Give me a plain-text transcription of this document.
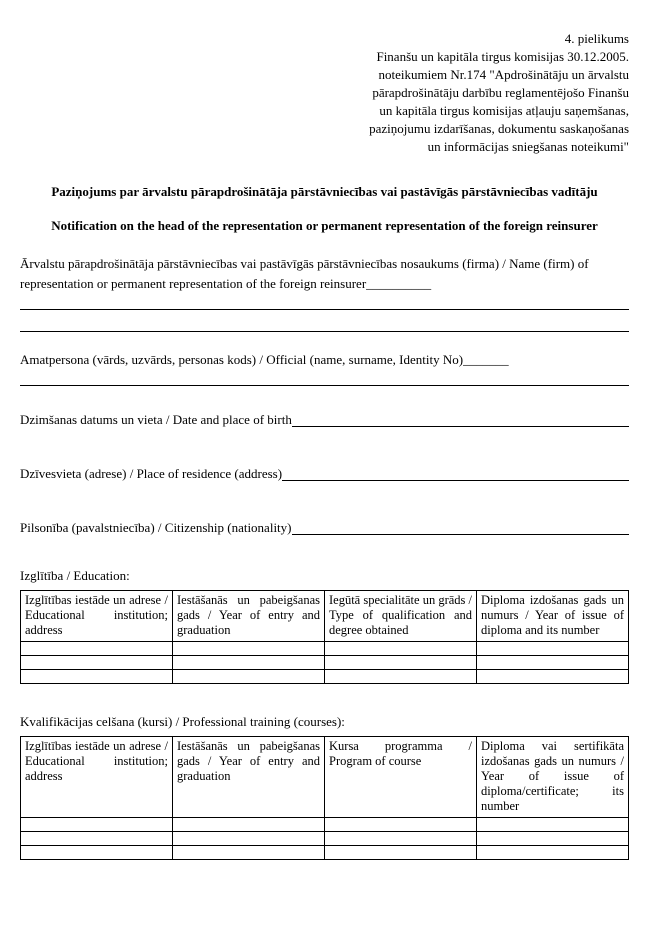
4. pielikums
Finanšu un kapitāla tirgus komisijas 30.12.2005.
noteikumiem Nr.174 "Apdrošinātāju un ārvalstu
pārapdrošinātāju darbību reglamentējošo Finanšu
un kapitāla tirgus komisijas atļauju saņemšanas,
paziņojumu izdarīšanas, dokumentu saskaņošanas
un informācijas sniegšanas noteikumi"
Paziņojums par ārvalstu pārapdrošinātāja pārstāvniecības vai pastāvīgās pārstāvniecības vadītāju
Notification on the head of the representation or permanent representation of the foreign reinsurer

Ārvalstu pārapdrošinātāja pārstāvniecības vai pastāvīgās pārstāvniecības nosaukums (firma) / Name (firm) of representation or permanent representation of the foreign reinsurer__________

Amatpersona (vārds, uzvārds, personas kods) / Official (name, surname, Identity No)_______

Dzimšanas datums un vieta / Date and place of birth
Dzīvesvieta (adrese) / Place of residence (address)
Pilsonība (pavalstniecība) / Citizenship (nationality)

Izglītība / Education:

Izglītības iestāde un adrese / Educational institution; address	Iestāšanās un pabeigšanas gads / Year of entry and graduation	Iegūtā specialitāte un grāds / Type of qualification and degree obtained	Diploma izdošanas gads un numurs / Year of issue of diploma and its number

Kvalifikācijas celšana (kursi) / Professional training (courses):

Izglītības iestāde un adrese / Educational institution; address	Iestāšanās un pabeigšanas gads / Year of entry and graduation	Kursa programma / Program of course	Diploma vai sertifikāta izdošanas gads un numurs / Year of issue of diploma/certificate; its number
